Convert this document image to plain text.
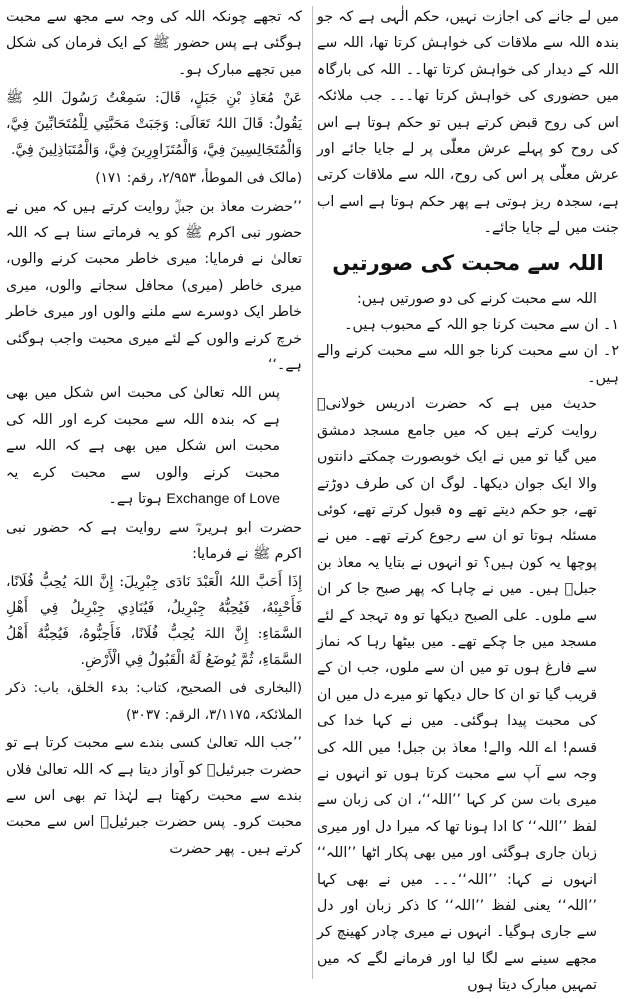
میں لے جانے کی اجازت نہیں، حکم الٰہی ہے کہ جو بندہ اللہ سے ملاقات کی خواہش کرتا تھا، اللہ سے اللہ کے دیدار کی خواہش کرتا تھا۔۔ اللہ کی بارگاہ میں حضوری کی خواہش کرتا تھا۔۔۔ جب ملائکہ اس کی روح قبض کرتے ہیں تو حکم ہوتا ہے اس کی روح کو پہلے عرش معلّٰی پر لے جایا جائے اور عرش معلّٰی پر اس کی روح، اللہ سے ملاقات کرتی ہے، سجدہ ریز ہوتی ہے پھر حکم ہوتا ہے اسے اب جنت میں لے جایا جائے۔

اللہ سے محبت کی صورتیں

اللہ سے محبت کرنے کی دو صورتیں ہیں:

۱۔ ان سے محبت کرنا جو اللہ کے محبوب ہیں۔

۲۔ ان سے محبت کرنا جو اللہ سے محبت کرنے والے ہیں۔

حدیث میں ہے کہ حضرت ادریس خولانیؒ روایت کرتے ہیں کہ میں جامع مسجد دمشق میں گیا تو میں نے ایک خوبصورت چمکتے دانتوں والا ایک جوان دیکھا۔ لوگ ان کی طرف دوڑتے تھے، جو حکم دیتے تھے وہ قبول کرتے تھے، کوئی مسئلہ ہوتا تو ان سے رجوع کرتے تھے۔ میں نے پوچھا یہ کون ہیں؟ تو انہوں نے بتایا یہ معاذ بن جبلؓ ہیں۔ میں نے چاہا کہ پھر صبح جا کر ان سے ملوں۔ علی الصبح دیکھا تو وہ تہجد کے لئے مسجد میں جا چکے تھے۔ میں بیٹھا رہا کہ نماز سے فارغ ہوں تو میں ان سے ملوں، جب ان کے قریب گیا تو ان کا حال دیکھا تو میرے دل میں ان کی محبت پیدا ہوگئی۔ میں نے کہا خدا کی قسم! اے اللہ والے! معاذ بن جبل! میں اللہ کی وجہ سے آپ سے محبت کرتا ہوں تو انہوں نے میری بات سن کر کہا ’’اللہ‘‘، ان کی زبان سے لفظ ’’اللہ‘‘ کا ادا ہونا تھا کہ میرا دل اور میری زبان جاری ہوگئی اور میں بھی پکار اٹھا ’’اللہ‘‘ انہوں نے کہا: ’’اللہ‘‘۔۔۔ میں نے بھی کہا ’’اللہ‘‘ یعنی لفظ ’’اللہ‘‘ کا ذکر زبان اور دل سے جاری ہوگیا۔ انہوں نے میری چادر کھینچ کر مجھے سینے سے لگا لیا اور فرمانے لگے کہ میں تمہیں مبارک دیتا ہوں

کہ تجھے چونکہ اللہ کی وجہ سے مجھ سے محبت ہوگئی ہے پس حضور ﷺ کے ایک فرمان کی شکل میں تجھے مبارک ہو۔

عَنْ مُعَاذِ بْنِ جَبَلٍ، قَالَ: سَمِعْتُ رَسُولَ اللہِ ﷺ يَقُولُ: قَالَ اللہُ تَعَالَى: وَجَبَتْ مَحَبَّتِي لِلْمُتَحَابِّينَ فِيَّ، وَالْمُتَجَالِسِينَ فِيَّ، وَالْمُتَزَاوِرِينَ فِيَّ، وَالْمُتَبَاذِلِينَ فِيَّ.

(مالک فی الموطأ، ۲/۹۵۳، رقم: ۱۷۱)

’’حضرت معاذ بن جبلؓ روایت کرتے ہیں کہ میں نے حضور نبی اکرم ﷺ کو یہ فرماتے سنا ہے کہ اللہ تعالیٰ نے فرمایا: میری خاطر محبت کرنے والوں، میری خاطر (میری) محافل سجانے والوں، میری خاطر ایک دوسرے سے ملنے والوں اور میری خاطر خرچ کرنے والوں کے لئے میری محبت واجب ہوگئی ہے۔‘‘

پس اللہ تعالیٰ کی محبت اس شکل میں بھی ہے کہ بندہ اللہ سے محبت کرے اور اللہ کی محبت اس شکل میں بھی ہے کہ اللہ سے محبت کرنے والوں سے محبت کرے یہ Exchange of Love ہوتا ہے۔

حضرت ابو ہریرہؓ سے روایت ہے کہ حضور نبی اکرم ﷺ نے فرمایا:

إِذَا أَحَبَّ اللہُ الْعَبْدَ نَادَى جِبْرِيلَ: إِنَّ اللہَ يُحِبُّ فُلَانًا، فَأَحْبِبْهُ، فَيُحِبُّهُ جِبْرِيلُ، فَيُنَادِي جِبْرِيلُ فِي أَهْلِ السَّمَاءِ: إِنَّ اللہَ يُحِبُّ فُلَانًا، فَأَحِبُّوهُ، فَيُحِبُّهُ أَهْلُ السَّمَاءِ، ثُمَّ يُوضَعُ لَهُ الْقَبُولُ فِي الْأَرْضِ.

(البخاری فی الصحیح، کتاب: بدء الخلق، باب: ذکر الملائکۃ، ۳/۱۱۷۵، الرقم: ۳۰۳۷)

’’جب اللہ تعالیٰ کسی بندے سے محبت کرتا ہے تو حضرت جبرئیلؑ کو آواز دیتا ہے کہ اللہ تعالیٰ فلاں بندے سے محبت رکھتا ہے لہٰذا تم بھی اس سے محبت کرو۔ پس حضرت جبرئیلؑ اس سے محبت کرتے ہیں۔ پھر حضرت
